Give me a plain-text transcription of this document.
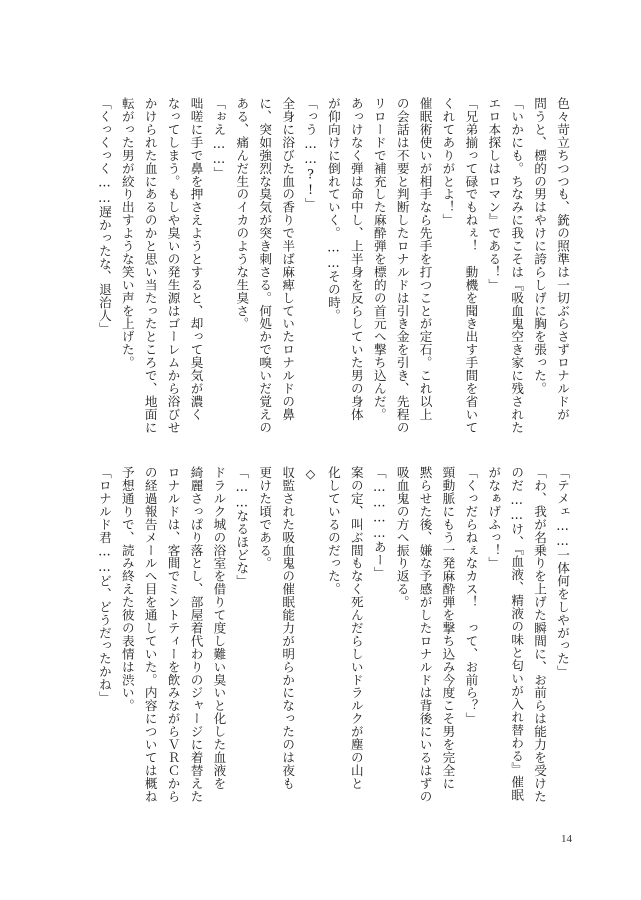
色々苛立ちつつも、銃の照準は一切ぶらさずロナルドが
問うと、標的の男はやけに誇らしげに胸を張った。
「いかにも。ちなみに我こそは『吸血鬼空き家に残された
エロ本探しはロマン』である！」
「兄弟揃って碌でもねぇ！　動機を聞き出す手間を省いて
くれてありがとよ！」
催眠術使いが相手なら先手を打つことが定石。これ以上
の会話は不要と判断したロナルドは引き金を引き、先程の
リロードで補充した麻酔弾を標的の首元へ撃ち込んだ。
あっけなく弾は命中し、上半身を反らしていた男の身体
が仰向けに倒れていく。……その時。
「っう……?!」
全身に浴びた血の香りで半ば麻痺していたロナルドの鼻
に、突如強烈な臭気が突き刺さる。何処かで嗅いだ覚えの
ある、痛んだ生のイカのような生臭さ。
「ぉえ……」
咄嗟に手で鼻を押さえようとすると、却って臭気が濃く
なってしまう。もしや臭いの発生源はゴーレムから浴びせ
かけられた血にあるのかと思い当たったところで、地面に
転がった男が絞り出すような笑い声を上げた。
「くっくっく……遅かったな、退治人」
「テメェ……一体何をしやがった」
「わ、我が名乗りを上げた瞬間に、お前らは能力を受けた
のだ……け、『血液、精液の味と匂いが入れ替わる』催眠
がなぁげふっ！」
「くっだらねぇなカス！　って、お前ら？」
頸動脈にもう一発麻酔弾を撃ち込み今度こそ男を完全に
黙らせた後、嫌な予感がしたロナルドは背後にいるはずの
吸血鬼の方へ振り返る。
「…………あー」
案の定、叫ぶ間もなく死んだらしいドラルクが塵の山と
化しているのだった。
◇
収監された吸血鬼の催眠能力が明らかになったのは夜も
更けた頃である。
「……なるほどな」
ドラルク城の浴室を借りて度し難い臭いと化した血液を
綺麗さっぱり落とし、部屋着代わりのジャージに着替えた
ロナルドは、客間でミントティーを飲みながらＶＲＣから
の経過報告メールへ目を通していた。内容については概ね
予想通りで、読み終えた彼の表情は渋い。
「ロナルド君……ど、どうだったかね」
14
